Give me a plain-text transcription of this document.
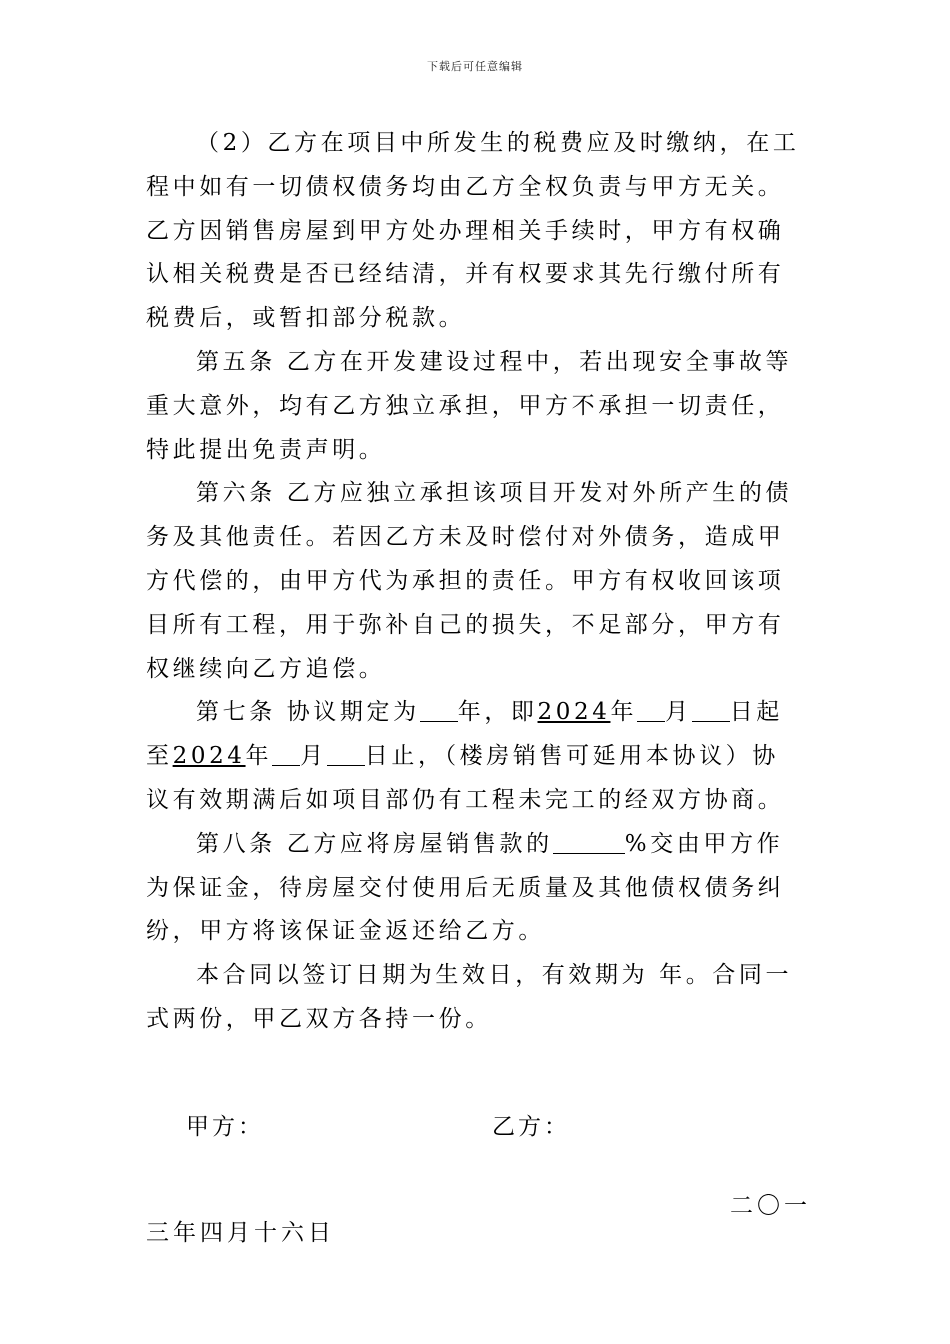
下载后可任意编辑

（2）乙方在项目中所发生的税费应及时缴纳，在工程中如有一切债权债务均由乙方全权负责与甲方无关。乙方因销售房屋到甲方处办理相关手续时，甲方有权确认相关税费是否已经结清，并有权要求其先行缴付所有税费后，或暂扣部分税款。

第五条 乙方在开发建设过程中，若出现安全事故等重大意外，均有乙方独立承担，甲方不承担一切责任， 特此提出免责声明。

第六条 乙方应独立承担该项目开发对外所产生的债务及其他责任。若因乙方未及时偿付对外债务，造成甲方代偿的，由甲方代为承担的责任。甲方有权收回该项目所有工程，用于弥补自己的损失，不足部分，甲方有权继续向乙方追偿。

第七条 协议期定为 年，即2024年 月 日起至2024年 月 日止，（楼房销售可延用本协议）协议有效期满后如项目部仍有工程未完工的经双方协商。

第八条 乙方应将房屋销售款的	%交由甲方作为保证金，待房屋交付使用后无质量及其他债权债务纠纷，甲方将该保证金返还给乙方。

本合同以签订日期为生效日，有效期为 年。合同一式两份，甲乙双方各持一份。

甲方：	乙方：
二〇一
三年四月十六日
